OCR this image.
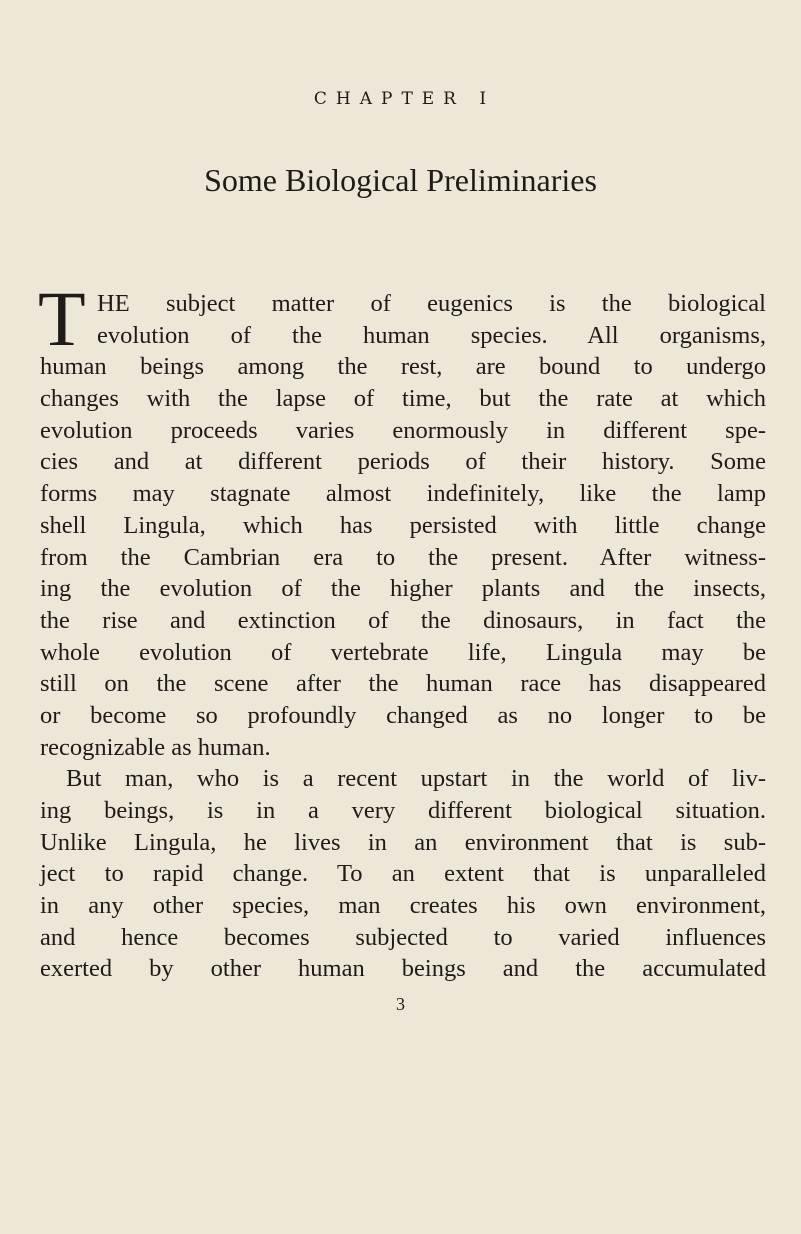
CHAPTER I
Some Biological Preliminaries
T HE subject matter of eugenics is the biological
evolution of the human species. All organisms,
human beings among the rest, are bound to undergo
changes with the lapse of time, but the rate at which
evolution proceeds varies enormously in different spe-
cies and at different periods of their history. Some
forms may stagnate almost indefinitely, like the lamp
shell Lingula, which has persisted with little change
from the Cambrian era to the present. After witness-
ing the evolution of the higher plants and the insects,
the rise and extinction of the dinosaurs, in fact the
whole evolution of vertebrate life, Lingula may be
still on the scene after the human race has disappeared
or become so profoundly changed as no longer to be
recognizable as human.
But man, who is a recent upstart in the world of liv-
ing beings, is in a very different biological situation.
Unlike Lingula, he lives in an environment that is sub-
ject to rapid change. To an extent that is unparalleled
in any other species, man creates his own environment,
and hence becomes subjected to varied influences
exerted by other human beings and the accumulated
3
